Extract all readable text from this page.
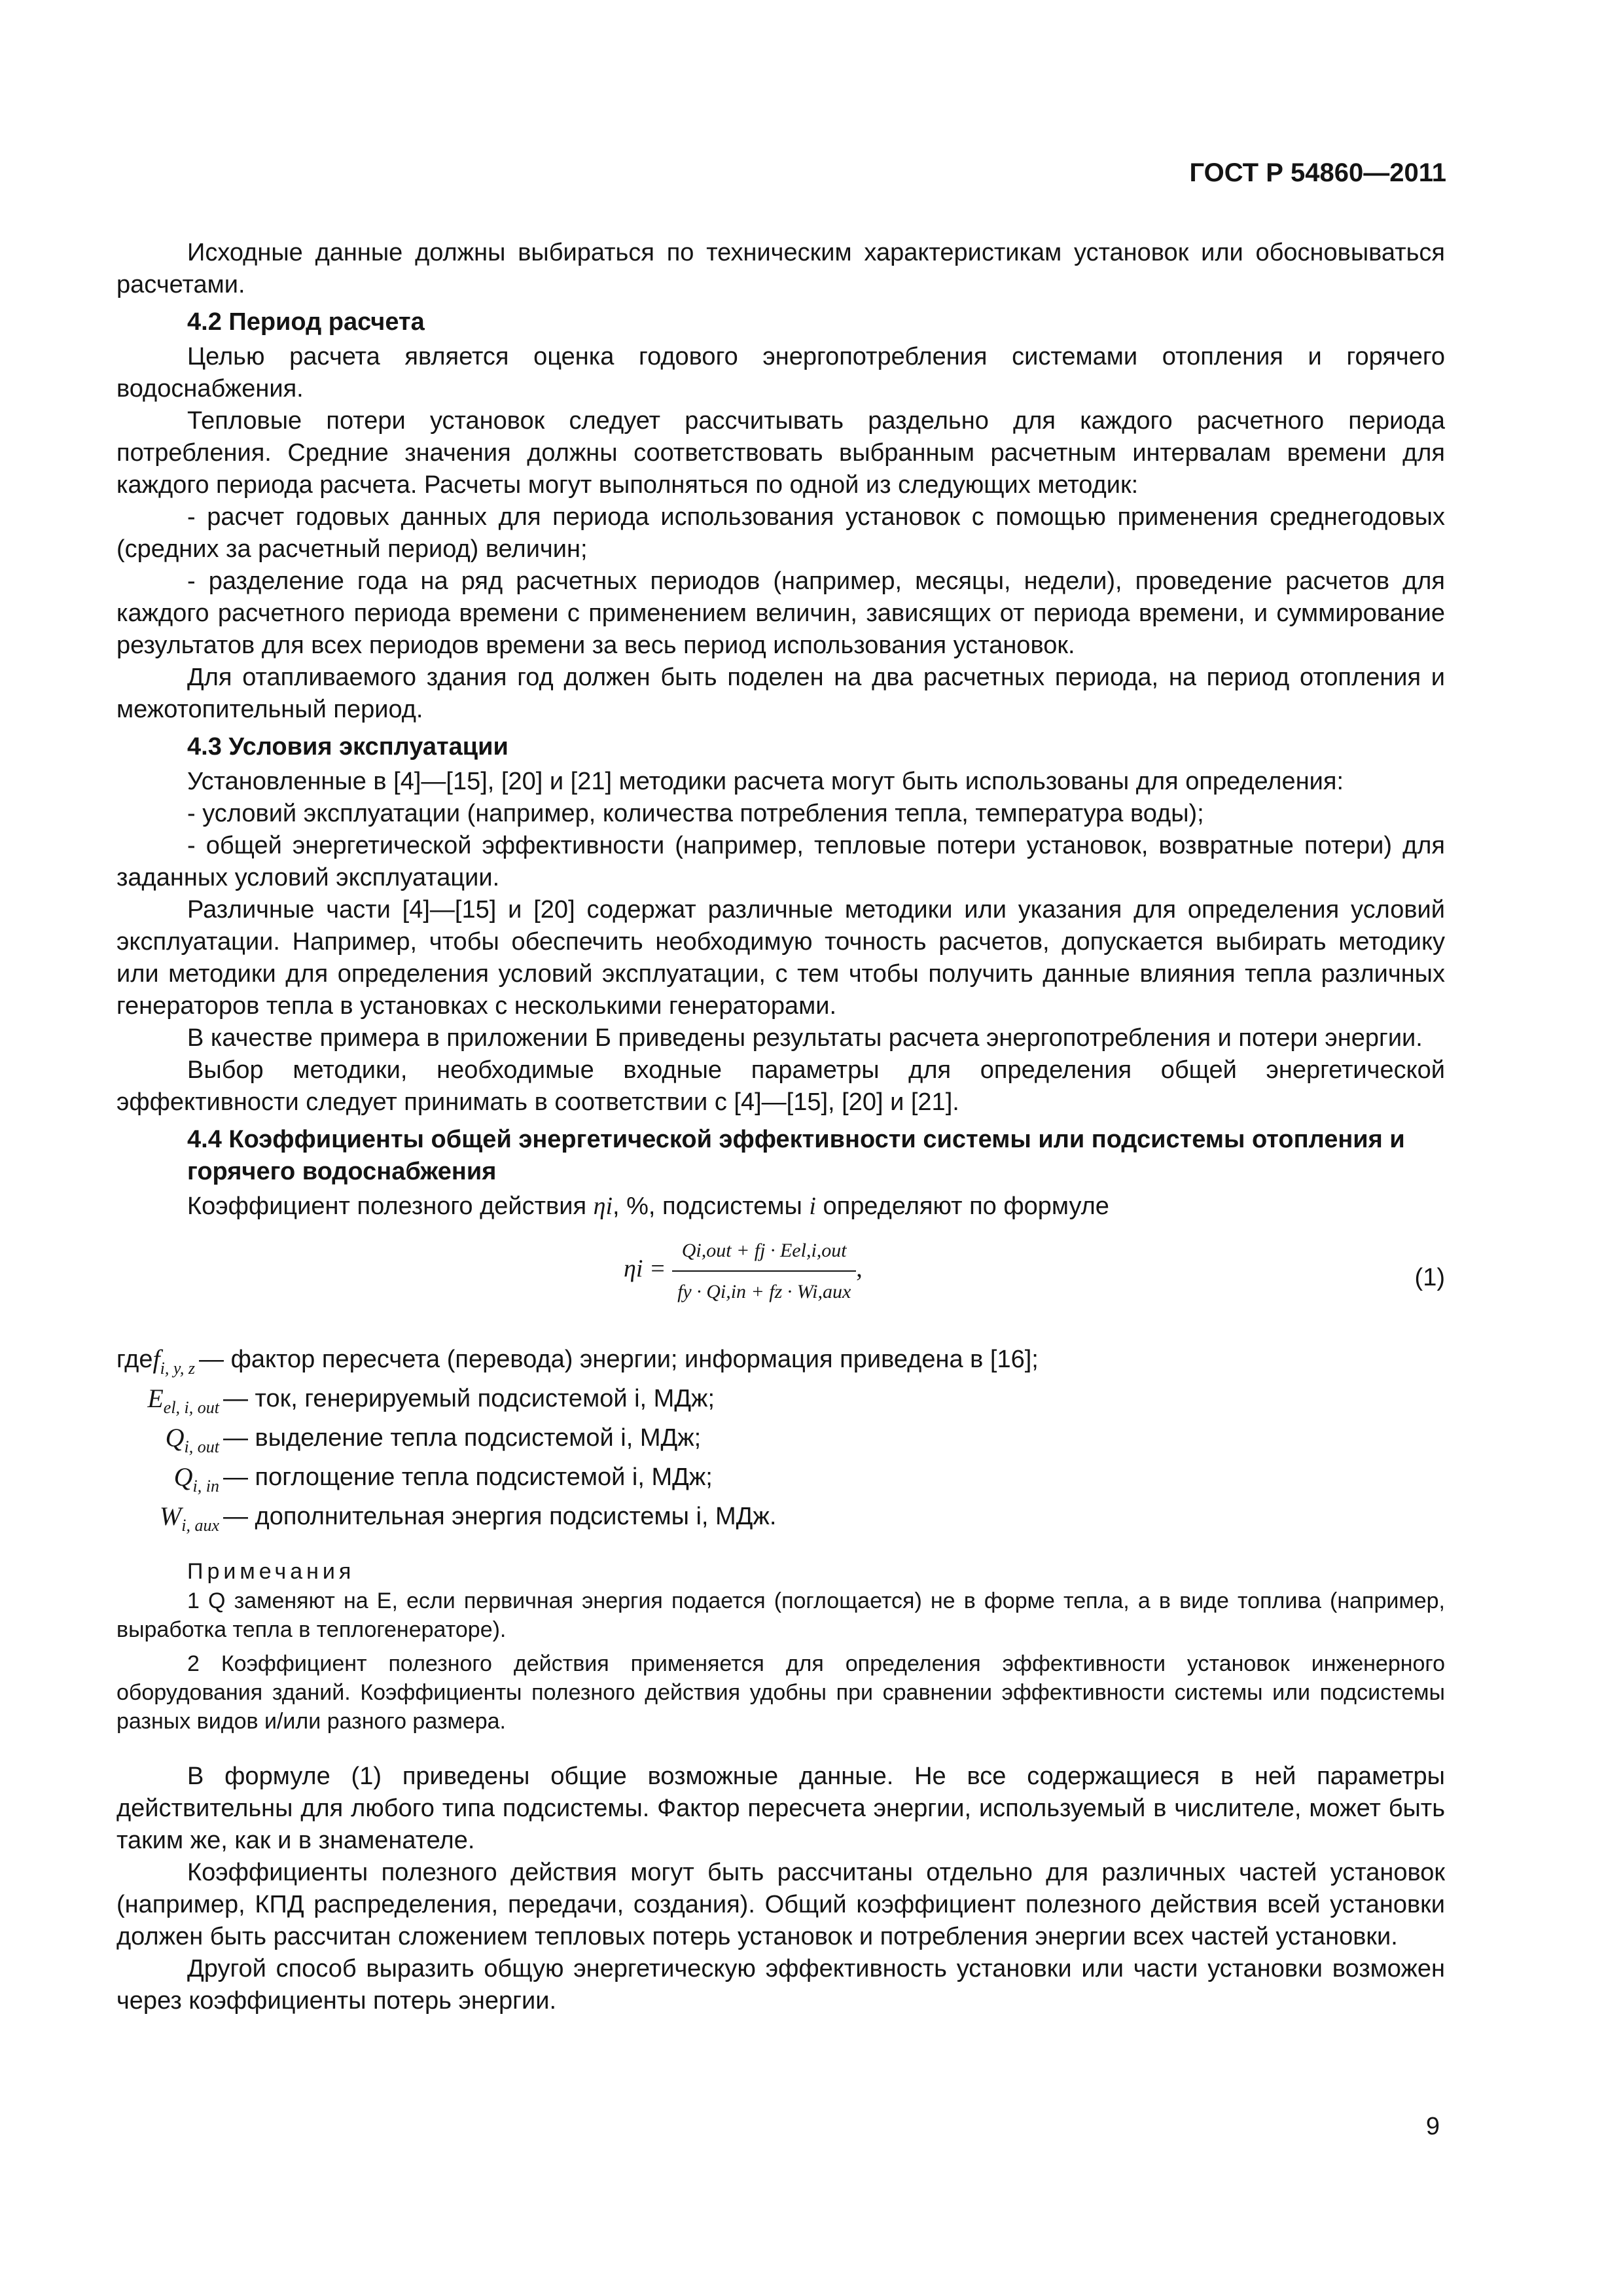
ГОСТ Р 54860—2011

Исходные данные должны выбираться по техническим характеристикам установок или обосновываться расчетами.

4.2 Период расчета

Целью расчета является оценка годового энергопотребления системами отопления и горячего водоснабжения.

Тепловые потери установок следует рассчитывать раздельно для каждого расчетного периода потребления. Средние значения должны соответствовать выбранным расчетным интервалам времени для каждого периода расчета. Расчеты могут выполняться по одной из следующих методик:

- расчет годовых данных для периода использования установок с помощью применения среднегодовых (средних за расчетный период) величин;

- разделение года на ряд расчетных периодов (например, месяцы, недели), проведение расчетов для каждого расчетного периода времени с применением величин, зависящих от периода времени, и суммирование результатов для всех периодов времени за весь период использования установок.

Для отапливаемого здания год должен быть поделен на два расчетных периода, на период отопления и межотопительный период.

4.3 Условия эксплуатации

Установленные в [4]—[15], [20] и [21] методики расчета могут быть использованы для определения:

- условий эксплуатации (например, количества потребления тепла, температура воды);

- общей энергетической эффективности (например, тепловые потери установок, возвратные потери) для заданных условий эксплуатации.

Различные части [4]—[15] и [20] содержат различные методики или указания для определения условий эксплуатации. Например, чтобы обеспечить необходимую точность расчетов, допускается выбирать методику или методики для определения условий эксплуатации, с тем чтобы получить данные влияния тепла различных генераторов тепла в установках с несколькими генераторами.

В качестве примера в приложении Б приведены результаты расчета энергопотребления и потери энергии.

Выбор методики, необходимые входные параметры для определения общей энергетической эффективности следует принимать в соответствии с [4]—[15], [20] и [21].

4.4 Коэффициенты общей энергетической эффективности системы или подсистемы отопления и горячего водоснабжения

Коэффициент полезного действия ηi, %, подсистемы i определяют по формуле

$\eta i = \frac{\text{Qi,out + fj · Eel,i,out}}{\text{fy · Qi,in + fz · Wi,aux}}$ ,	(1)
где $f_{i, y, z}$ — фактор пересчета (перевода) энергии; информация приведена в [16];
$E_{el, i, out}$ — ток, генерируемый подсистемой i, МДж;
$Q_{i, out}$ — выделение тепла подсистемой i, МДж;
$Q_{i, in}$ — поглощение тепла подсистемой i, МДж;
$W_{i, aux}$ — дополнительная энергия подсистемы i, МДж.
Примечания

1 Q заменяют на E, если первичная энергия подается (поглощается) не в форме тепла, а в виде топлива (например, выработка тепла в теплогенераторе).

2 Коэффициент полезного действия применяется для определения эффективности установок инженерного оборудования зданий. Коэффициенты полезного действия удобны при сравнении эффективности системы или подсистемы разных видов и/или разного размера.

В формуле (1) приведены общие возможные данные. Не все содержащиеся в ней параметры действительны для любого типа подсистемы. Фактор пересчета энергии, используемый в числителе, может быть таким же, как и в знаменателе.

Коэффициенты полезного действия могут быть рассчитаны отдельно для различных частей установок (например, КПД распределения, передачи, создания). Общий коэффициент полезного действия всей установки должен быть рассчитан сложением тепловых потерь установок и потребления энергии всех частей установки.

Другой способ выразить общую энергетическую эффективность установки или части установки возможен через коэффициенты потерь энергии.

9
